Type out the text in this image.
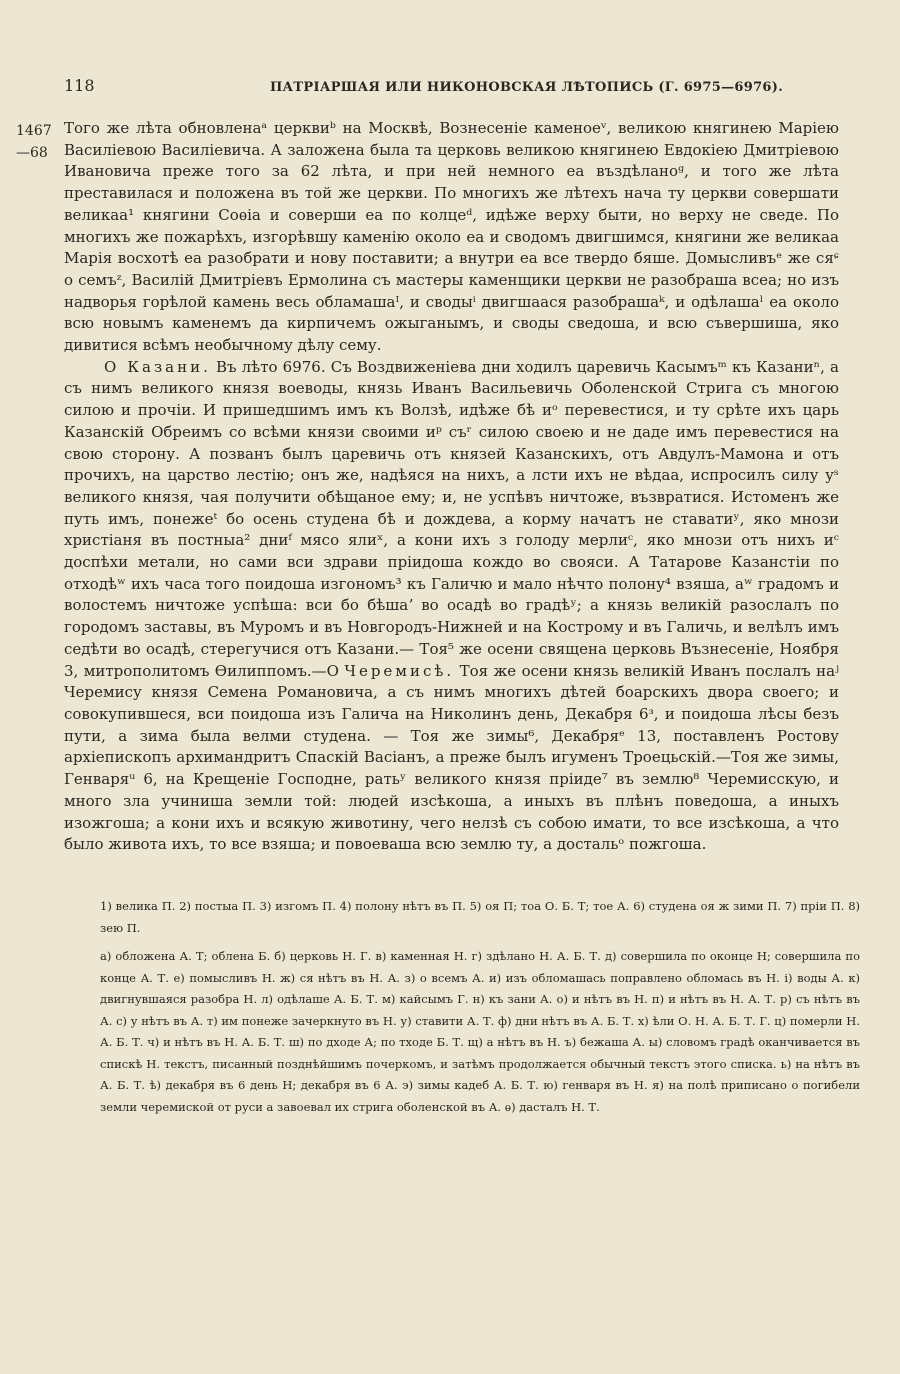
118	ПАТРІАРШАЯ ИЛИ НИКОНОВСКАЯ ЛѢТОПИСЬ (Г. 6975—6976).
1467
—68

Того же лѣта обновленаᵃ церквиᵇ на Москвѣ, Вознесеніе каменоеᵛ, великою княгинею Маріею Василіевою Василіевича. А заложена была та церковь великою княгинею Евдокіею Дмитріевою Ивановича преже того за 62 лѣта, и при ней немного еа въздѣланоᵍ, и того же лѣта преставилася и положена въ той же церкви. По многихъ же лѣтехъ нача ту церкви совершати великаа¹ княгини Соѳіа и соверши еа по колцеᵈ, идѣже верху быти, но верху не сведе. По многихъ же пожарѣхъ, изгорѣвшу каменію около еа и сводомъ двигшимся, княгини же великаа Марія восхотѣ еа разобрати и нову поставити; а внутри еа все твердо бяше. Домысливъᵉ же сяᶝ о семъᶻ, Василій Дмитріевъ Ермолина съ мастеры каменщики церкви не разобраша всеа; но изъ надворья горѣлой камень весь обламашаᴵ, и сводыⁱ двигшаася разобрашаᵏ, и одѣлашаˡ еа около всю новымъ каменемъ да кирпичемъ ожыганымъ, и своды сведоша, и всю съвершиша, яко дивитися всѣмъ необычному дѣлу сему.

О Казани. Въ лѣто 6976. Съ Воздвиженіева дни ходилъ царевичь Касымъᵐ къ Казаниⁿ, а съ нимъ великого князя воеводы, князь Иванъ Васильевичь Оболенской Стрига съ многою силою и прочіи. И пришедшимъ имъ къ Волзѣ, идѣже бѣ иᵒ перевестися, и ту срѣте ихъ царь Казанскій Обреимъ со всѣми князи своими иᵖ съʳ силою своею и не даде имъ перевестися на свою сторону. А позванъ былъ царевичь отъ князей Казанскихъ, отъ Авдулъ-Мамона и отъ прочихъ, на царство лестію; онъ же, надѣяся на нихъ, а лсти ихъ не вѣдаа, испросилъ силу уˢ великого князя, чая получити обѣщаное ему; и, не успѣвъ ничтоже, възвратися. Истоменъ же путь имъ, понежеᵗ бо осень студена бѣ и дождева, а корму начатъ не ставатиʸ, яко мнози христіаня въ постныа² дниᶠ мясо ялиˣ, а кони ихъ з голоду мерлиᶜ, яко мнози отъ нихъ иᶜ доспѣхи метали, но сами вси здрави пріидоша кождо во свояси. А Татарове Казанстіи по отходѣʷ ихъ часа того поидоша изгономъ³ къ Галичю и мало нѣчто полону⁴ взяша, аʷ градомъ и волостемъ ничтоже успѣша: вси бо бѣшаʼ во осадѣ во градѣʸ; а князь великій разослалъ по городомъ заставы, въ Муромъ и въ Новгородъ-Нижней и на Кострому и въ Галичь, и велѣлъ имъ седѣти во осадѣ, стерегучися отъ Казани.— Тоя⁵ же осени священа церковь Възнесеніе, Ноября 3, митрополитомъ Ѳилиппомъ.—О Черемисѣ. Тоя же осени князь великій Иванъ послалъ наʲ Черемису князя Семена Романовича, а съ нимъ многихъ дѣтей боарскихъ двора своего; и совокупившеся, вси поидоша изъ Галича на Николинъ день, Декабря 6ᶟ, и поидоша лѣсы безъ пути, а зима была велми студена. — Тоя же зимы⁶, Декабряᵉ 13, поставленъ Ростову архіепископъ архимандритъ Спаскій Васіанъ, а преже былъ игуменъ Троецьскій.—Тоя же зимы, Генваряᵘ 6, на Крещеніе Господне, ратьʸ великого князя пріиде⁷ въ землю⁸ Черемисскую, и много зла учиниша земли той: людей изсѣкоша, а иныхъ въ плѣнъ поведоша, а иныхъ изожгоша; а кони ихъ и всякую животину, чего нелзѣ съ собою имати, то все изсѣкоша, а что было живота ихъ, то все взяша; и повоеваша всю землю ту, а достальᵒ пожгоша.

1) велика П. 2) постыа П. 3) изгомъ П. 4) полону нѣтъ въ П. 5) оя П; тоа О. Б. Т; тое А. 6) студена оя ж зими П. 7) пріи П. 8) зею П.

а) обложена А. Т; облена Б. б) церковь Н. Г. в) каменная Н. г) здѣлано Н. А. Б. Т. д) совершила по оконце Н; совершила по конце А. Т. е) помысливъ Н. ж) ся нѣтъ въ Н. А. з) о всемъ А. и) изъ обломашась поправлено обломась въ Н. і) воды А. к) двигнувшаяся разобра Н. л) одѣлаше А. Б. Т. м) кайсымъ Г. н) къ зани А. о) и нѣтъ въ Н. п) и нѣтъ въ Н. А. Т. р) съ нѣтъ въ А. с) у нѣтъ въ А. т) им понеже зачеркнуто въ Н. у) ставити А. Т. ф) дни нѣтъ въ А. Б. Т. х) ѣли О. Н. А. Б. Т. Г. ц) померли Н. А. Б. Т. ч) и нѣтъ въ Н. А. Б. Т. ш) по дходе А; по тходе Б. Т. щ) а нѣтъ въ Н. ъ) бежаша А. ы) словомъ градѣ оканчивается въ спискѣ Н. текстъ, писанный позднѣйшимъ почеркомъ, и затѣмъ продолжается обычный текстъ этого списка. ь) на нѣтъ въ А. Б. Т. ѣ) декабря въ 6 день Н; декабря въ 6 А. э) зимы кадеб А. Б. Т. ю) генваря въ Н. я) на полѣ приписано о погибели земли черемиской от руси а завоевал их стрига оболенской въ А. ѳ) дасталъ Н. Т.
